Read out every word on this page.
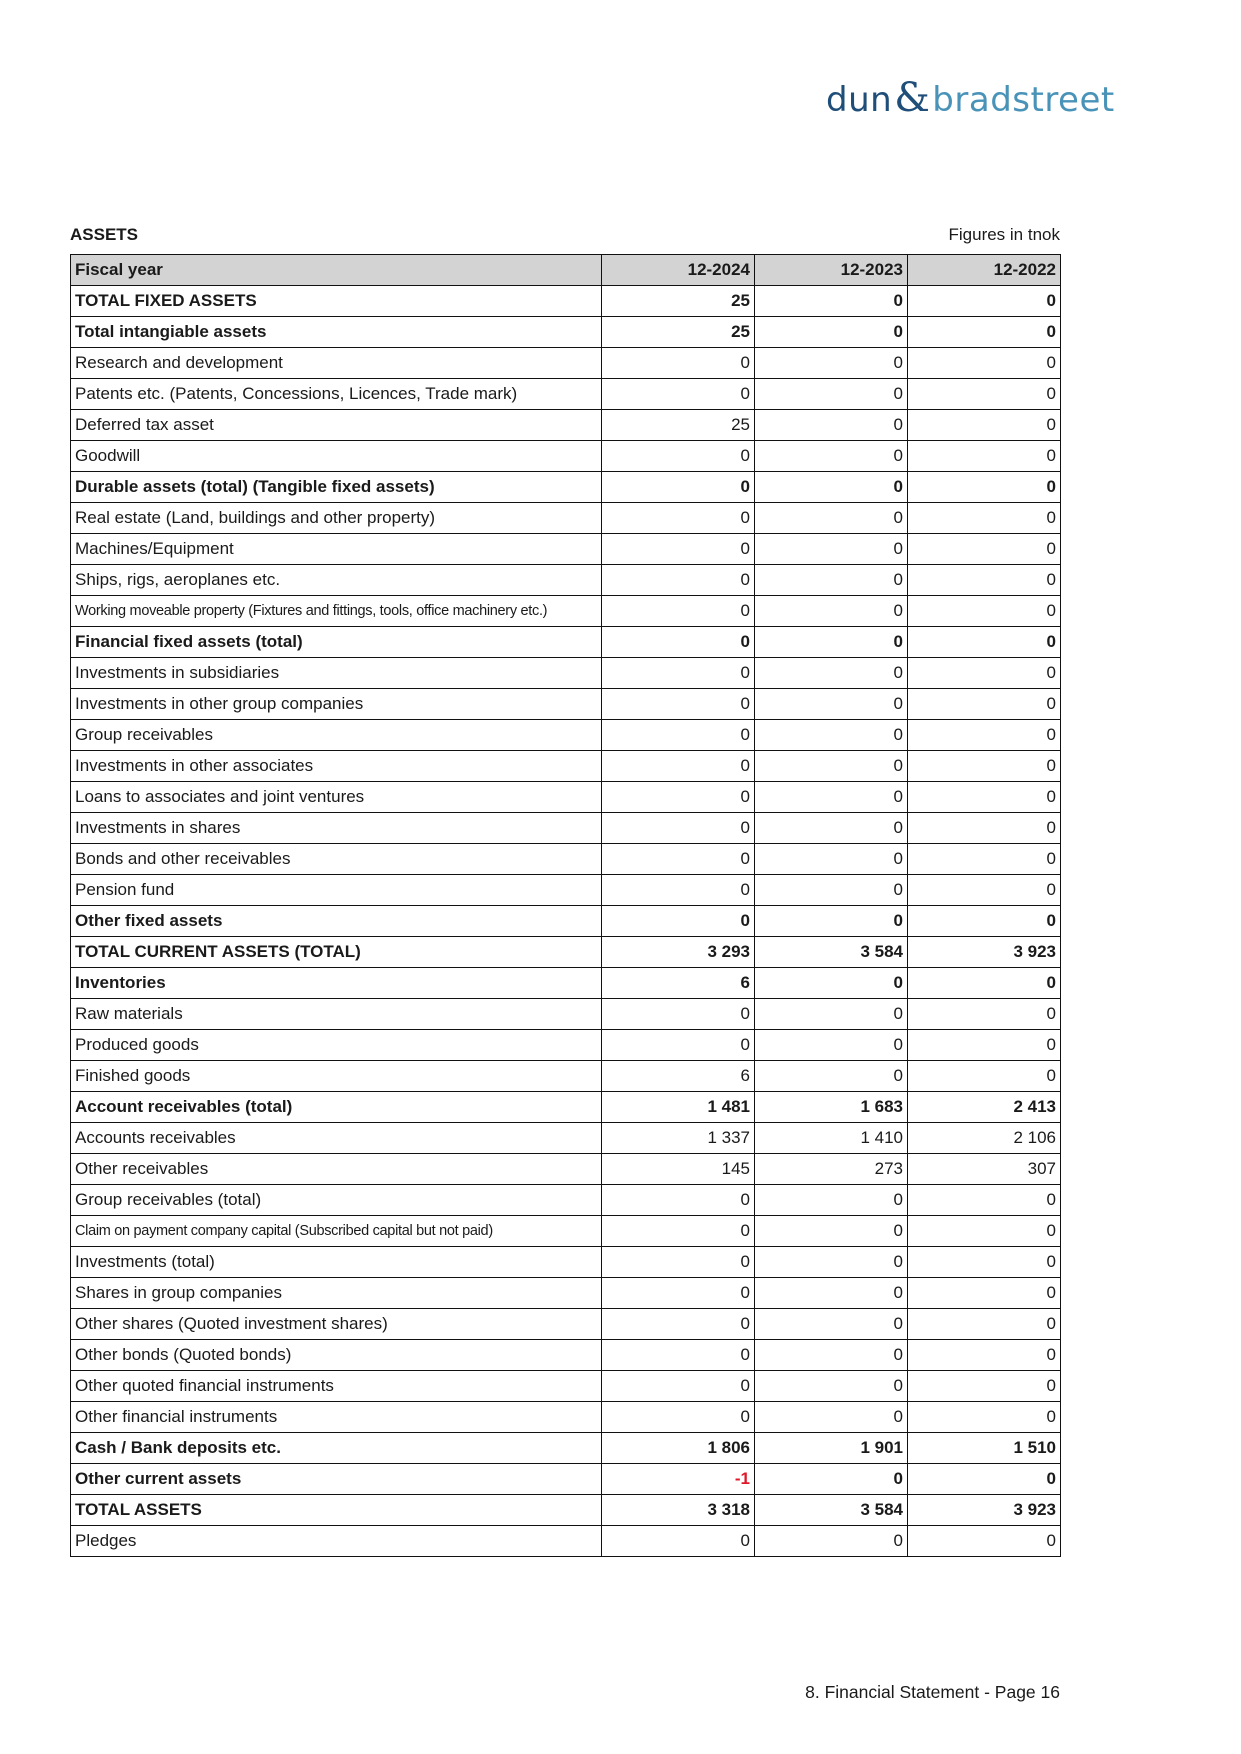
dun & bradstreet
ASSETS	Figures in tnok
Fiscal year	12-2024	12-2023	12-2022
TOTAL FIXED ASSETS	25	0	0
Total intangiable assets	25	0	0
Research and development	0	0	0
Patents etc. (Patents, Concessions, Licences, Trade mark)	0	0	0
Deferred tax asset	25	0	0
Goodwill	0	0	0
Durable assets (total) (Tangible fixed assets)	0	0	0
Real estate (Land, buildings and other property)	0	0	0
Machines/Equipment	0	0	0
Ships, rigs, aeroplanes etc.	0	0	0
Working moveable property (Fixtures and fittings, tools, office machinery etc.)	0	0	0
Financial fixed assets (total)	0	0	0
Investments in subsidiaries	0	0	0
Investments in other group companies	0	0	0
Group receivables	0	0	0
Investments in other associates	0	0	0
Loans to associates and joint ventures	0	0	0
Investments in shares	0	0	0
Bonds and other receivables	0	0	0
Pension fund	0	0	0
Other fixed assets	0	0	0
TOTAL CURRENT ASSETS (TOTAL)	3 293	3 584	3 923
Inventories	6	0	0
Raw materials	0	0	0
Produced goods	0	0	0
Finished goods	6	0	0
Account receivables (total)	1 481	1 683	2 413
Accounts receivables	1 337	1 410	2 106
Other receivables	145	273	307
Group receivables (total)	0	0	0
Claim on payment company capital (Subscribed capital but not paid)	0	0	0
Investments (total)	0	0	0
Shares in group companies	0	0	0
Other shares (Quoted investment shares)	0	0	0
Other bonds (Quoted bonds)	0	0	0
Other quoted financial instruments	0	0	0
Other financial instruments	0	0	0
Cash / Bank deposits etc.	1 806	1 901	1 510
Other current assets	-1	0	0
TOTAL ASSETS	3 318	3 584	3 923
Pledges	0	0	0
8. Financial Statement - Page 16
